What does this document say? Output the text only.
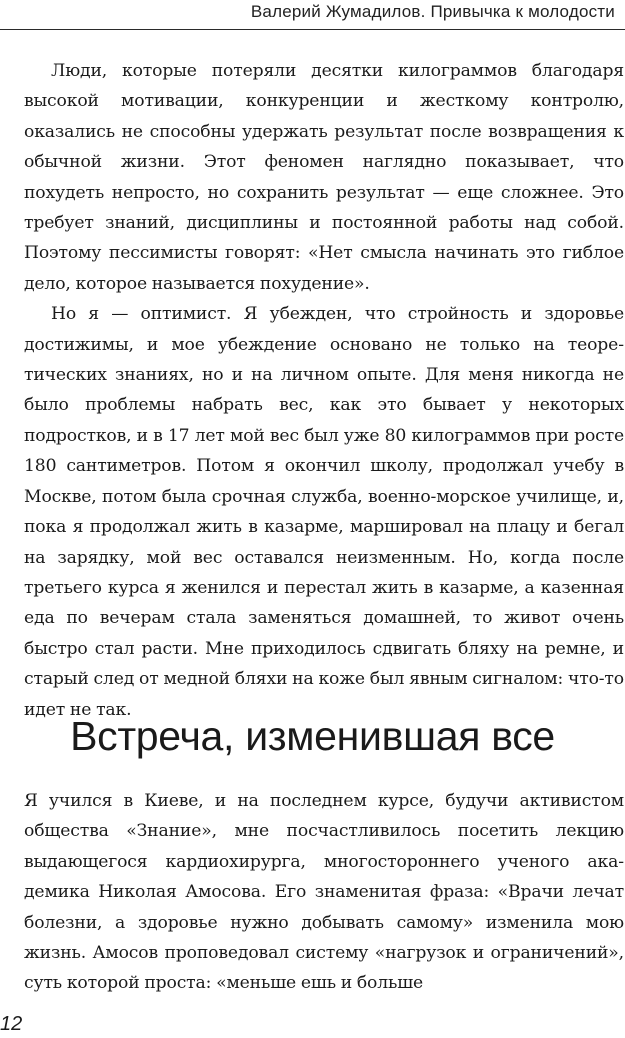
Валерий Жумадилов. Привычка к молодости

Люди, которые потеряли десятки килограммов благодаря высокой мотивации, конкуренции и жесткому контролю, оказались не способны удержать результат после возвращения к обычной жизни. Этот феномен наглядно показывает, что похудеть непросто, но сохранить результат — еще сложнее. Это требует знаний, дисциплины и постоянной работы над собой. Поэтому пессимисты говорят: «Нет смысла начинать это гиблое дело, которое называется похудение».

Но я — оптимист. Я убежден, что стройность и здоровье достижимы, и мое убеждение основано не только на теоретических знаниях, но и на личном опыте. Для меня никогда не было проблемы набрать вес, как это бывает у некоторых подростков, и в 17 лет мой вес был уже 80 килограммов при росте 180 сантиметров. Потом я окончил школу, продолжал учебу в Москве, потом была срочная служба, военно-морское училище, и, пока я продолжал жить в казарме, маршировал на плацу и бегал на зарядку, мой вес оставался неизменным. Но, когда после третьего курса я женился и перестал жить в казарме, а казенная еда по вечерам стала заменяться домашней, то живот очень быстро стал расти. Мне приходилось сдвигать бляху на ремне, и старый след от медной бляхи на коже был явным сигналом: что-то идет не так.

Встреча, изменившая все

Я учился в Киеве, и на последнем курсе, будучи активистом общества «Знание», мне посчастливилось посетить лекцию выдающегося кардиохирурга, многостороннего ученого академика Николая Амосова. Его знаменитая фраза: «Врачи лечат болезни, а здоровье нужно добывать самому» изменила мою жизнь. Амосов проповедовал систему «нагрузок и ограничений», суть которой проста: «меньше ешь и больше

12
